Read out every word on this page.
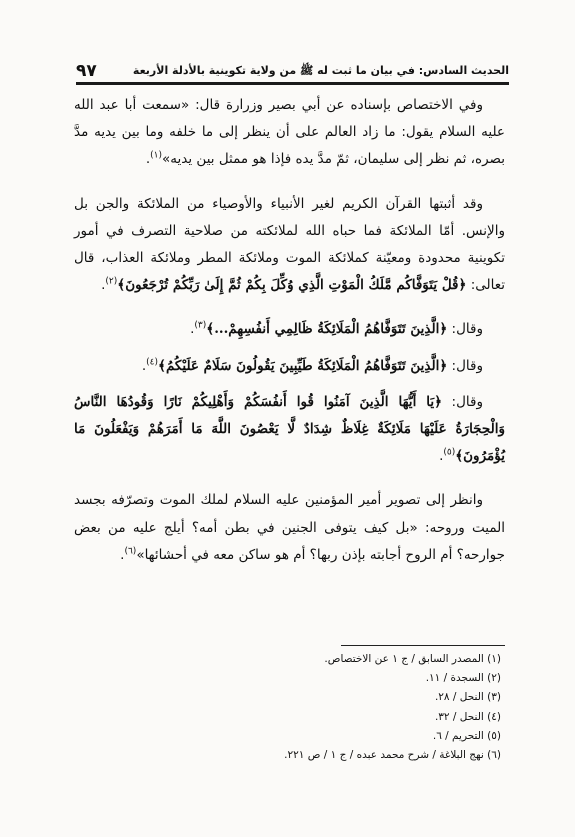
الحديث السادس: في بيان ما ثبت له ﷺ من ولاية تكوينية بالأدلة الأربعة
٩٧

وفي الاختصاص بإسناده عن أبي بصير وزرارة قال: «سمعت أبا عبد الله عليه السلام يقول: ما زاد العالم على أن ينظر إلى ما خلفه وما بين يديه مدَّ بصره، ثم نظر إلى سليمان، ثمّ مدَّ يده فإذا هو ممثل بين يديه»$^{(١)}$.

وقد أثبتها القرآن الكريم لغير الأنبياء والأوصياء من الملائكة والجن بل والإنس. أمّا الملائكة فما حباه الله لملائكته من صلاحية التصرف في أمور تكوينية محدودة ومعيّنة كملائكة الموت وملائكة المطر وملائكة العذاب، قال تعالى: ﴿قُلْ يَتَوَفَّاكُم مَّلَكُ الْمَوْتِ الَّذِي وُكِّلَ بِكُمْ ثُمَّ إِلَىٰ رَبِّكُمْ تُرْجَعُونَ﴾$^{(٢)}$.

وقال: ﴿الَّذِينَ تَتَوَفَّاهُمُ الْمَلَائِكَةُ ظَالِمِي أَنفُسِهِمْ...﴾$^{(٣)}$.

وقال: ﴿الَّذِينَ تَتَوَفَّاهُمُ الْمَلَائِكَةُ طَيِّبِينَ يَقُولُونَ سَلَامٌ عَلَيْكُمُ﴾$^{(٤)}$.

وقال: ﴿يَا أَيُّهَا الَّذِينَ آمَنُوا قُوا أَنفُسَكُمْ وَأَهْلِيكُمْ نَارًا وَقُودُهَا النَّاسُ وَالْحِجَارَةُ عَلَيْهَا مَلَائِكَةٌ غِلَاظٌ شِدَادٌ لَّا يَعْصُونَ اللَّهَ مَا أَمَرَهُمْ وَيَفْعَلُونَ مَا يُؤْمَرُونَ﴾$^{(٥)}$.

وانظر إلى تصوير أمير المؤمنين عليه السلام لملك الموت وتصرّفه بجسد الميت وروحه: «بل كيف يتوفى الجنين في بطن أمه؟ أيلج عليه من بعض جوارحه؟ أم الروح أجابته بإذن ربها؟ أم هو ساكن معه في أحشائها»$^{(٦)}$.

(١) المصدر السابق / ج ١ عن الاختصاص.
(٢) السجدة / ١١.
(٣) النحل / ٢٨.
(٤) النحل / ٣٢.
(٥) التحريم / ٦.
(٦) نهج البلاغة / شرح محمد عبده / ج ١ / ص ٢٢١.
